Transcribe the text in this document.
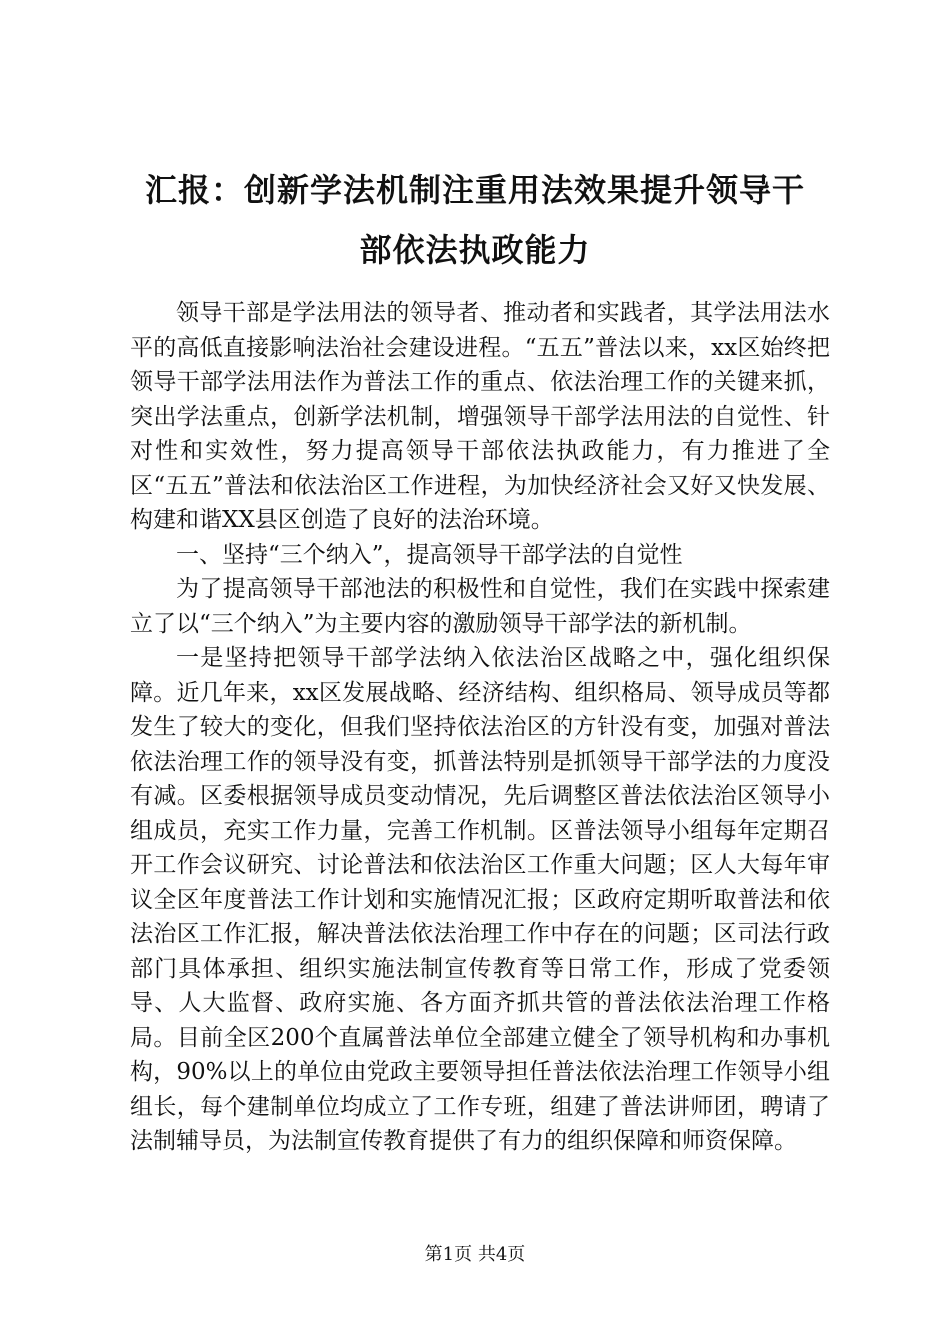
汇报：创新学法机制注重用法效果提升领导干
部依法执政能力

领导干部是学法用法的领导者、推动者和实践者，其学法用法水平的高低直接影响法治社会建设进程。“五五”普法以来，xx区始终把领导干部学法用法作为普法工作的重点、依法治理工作的关键来抓，突出学法重点，创新学法机制，增强领导干部学法用法的自觉性、针对性和实效性，努力提高领导干部依法执政能力，有力推进了全区“五五”普法和依法治区工作进程，为加快经济社会又好又快发展、构建和谐XX县区创造了良好的法治环境。

一、坚持“三个纳入”，提高领导干部学法的自觉性

为了提高领导干部池法的积极性和自觉性，我们在实践中探索建立了以“三个纳入”为主要内容的激励领导干部学法的新机制。

一是坚持把领导干部学法纳入依法治区战略之中，强化组织保障。近几年来，xx区发展战略、经济结构、组织格局、领导成员等都发生了较大的变化，但我们坚持依法治区的方针没有变，加强对普法依法治理工作的领导没有变，抓普法特别是抓领导干部学法的力度没有减。区委根据领导成员变动情况，先后调整区普法依法治区领导小组成员，充实工作力量，完善工作机制。区普法领导小组每年定期召开工作会议研究、讨论普法和依法治区工作重大问题；区人大每年审议全区年度普法工作计划和实施情况汇报；区政府定期听取普法和依法治区工作汇报，解决普法依法治理工作中存在的问题；区司法行政部门具体承担、组织实施法制宣传教育等日常工作，形成了党委领导、人大监督、政府实施、各方面齐抓共管的普法依法治理工作格局。目前全区200个直属普法单位全部建立健全了领导机构和办事机构，90%以上的单位由党政主要领导担任普法依法治理工作领导小组组长，每个建制单位均成立了工作专班，组建了普法讲师团，聘请了法制辅导员，为法制宣传教育提供了有力的组织保障和师资保障。

第1页 共4页
